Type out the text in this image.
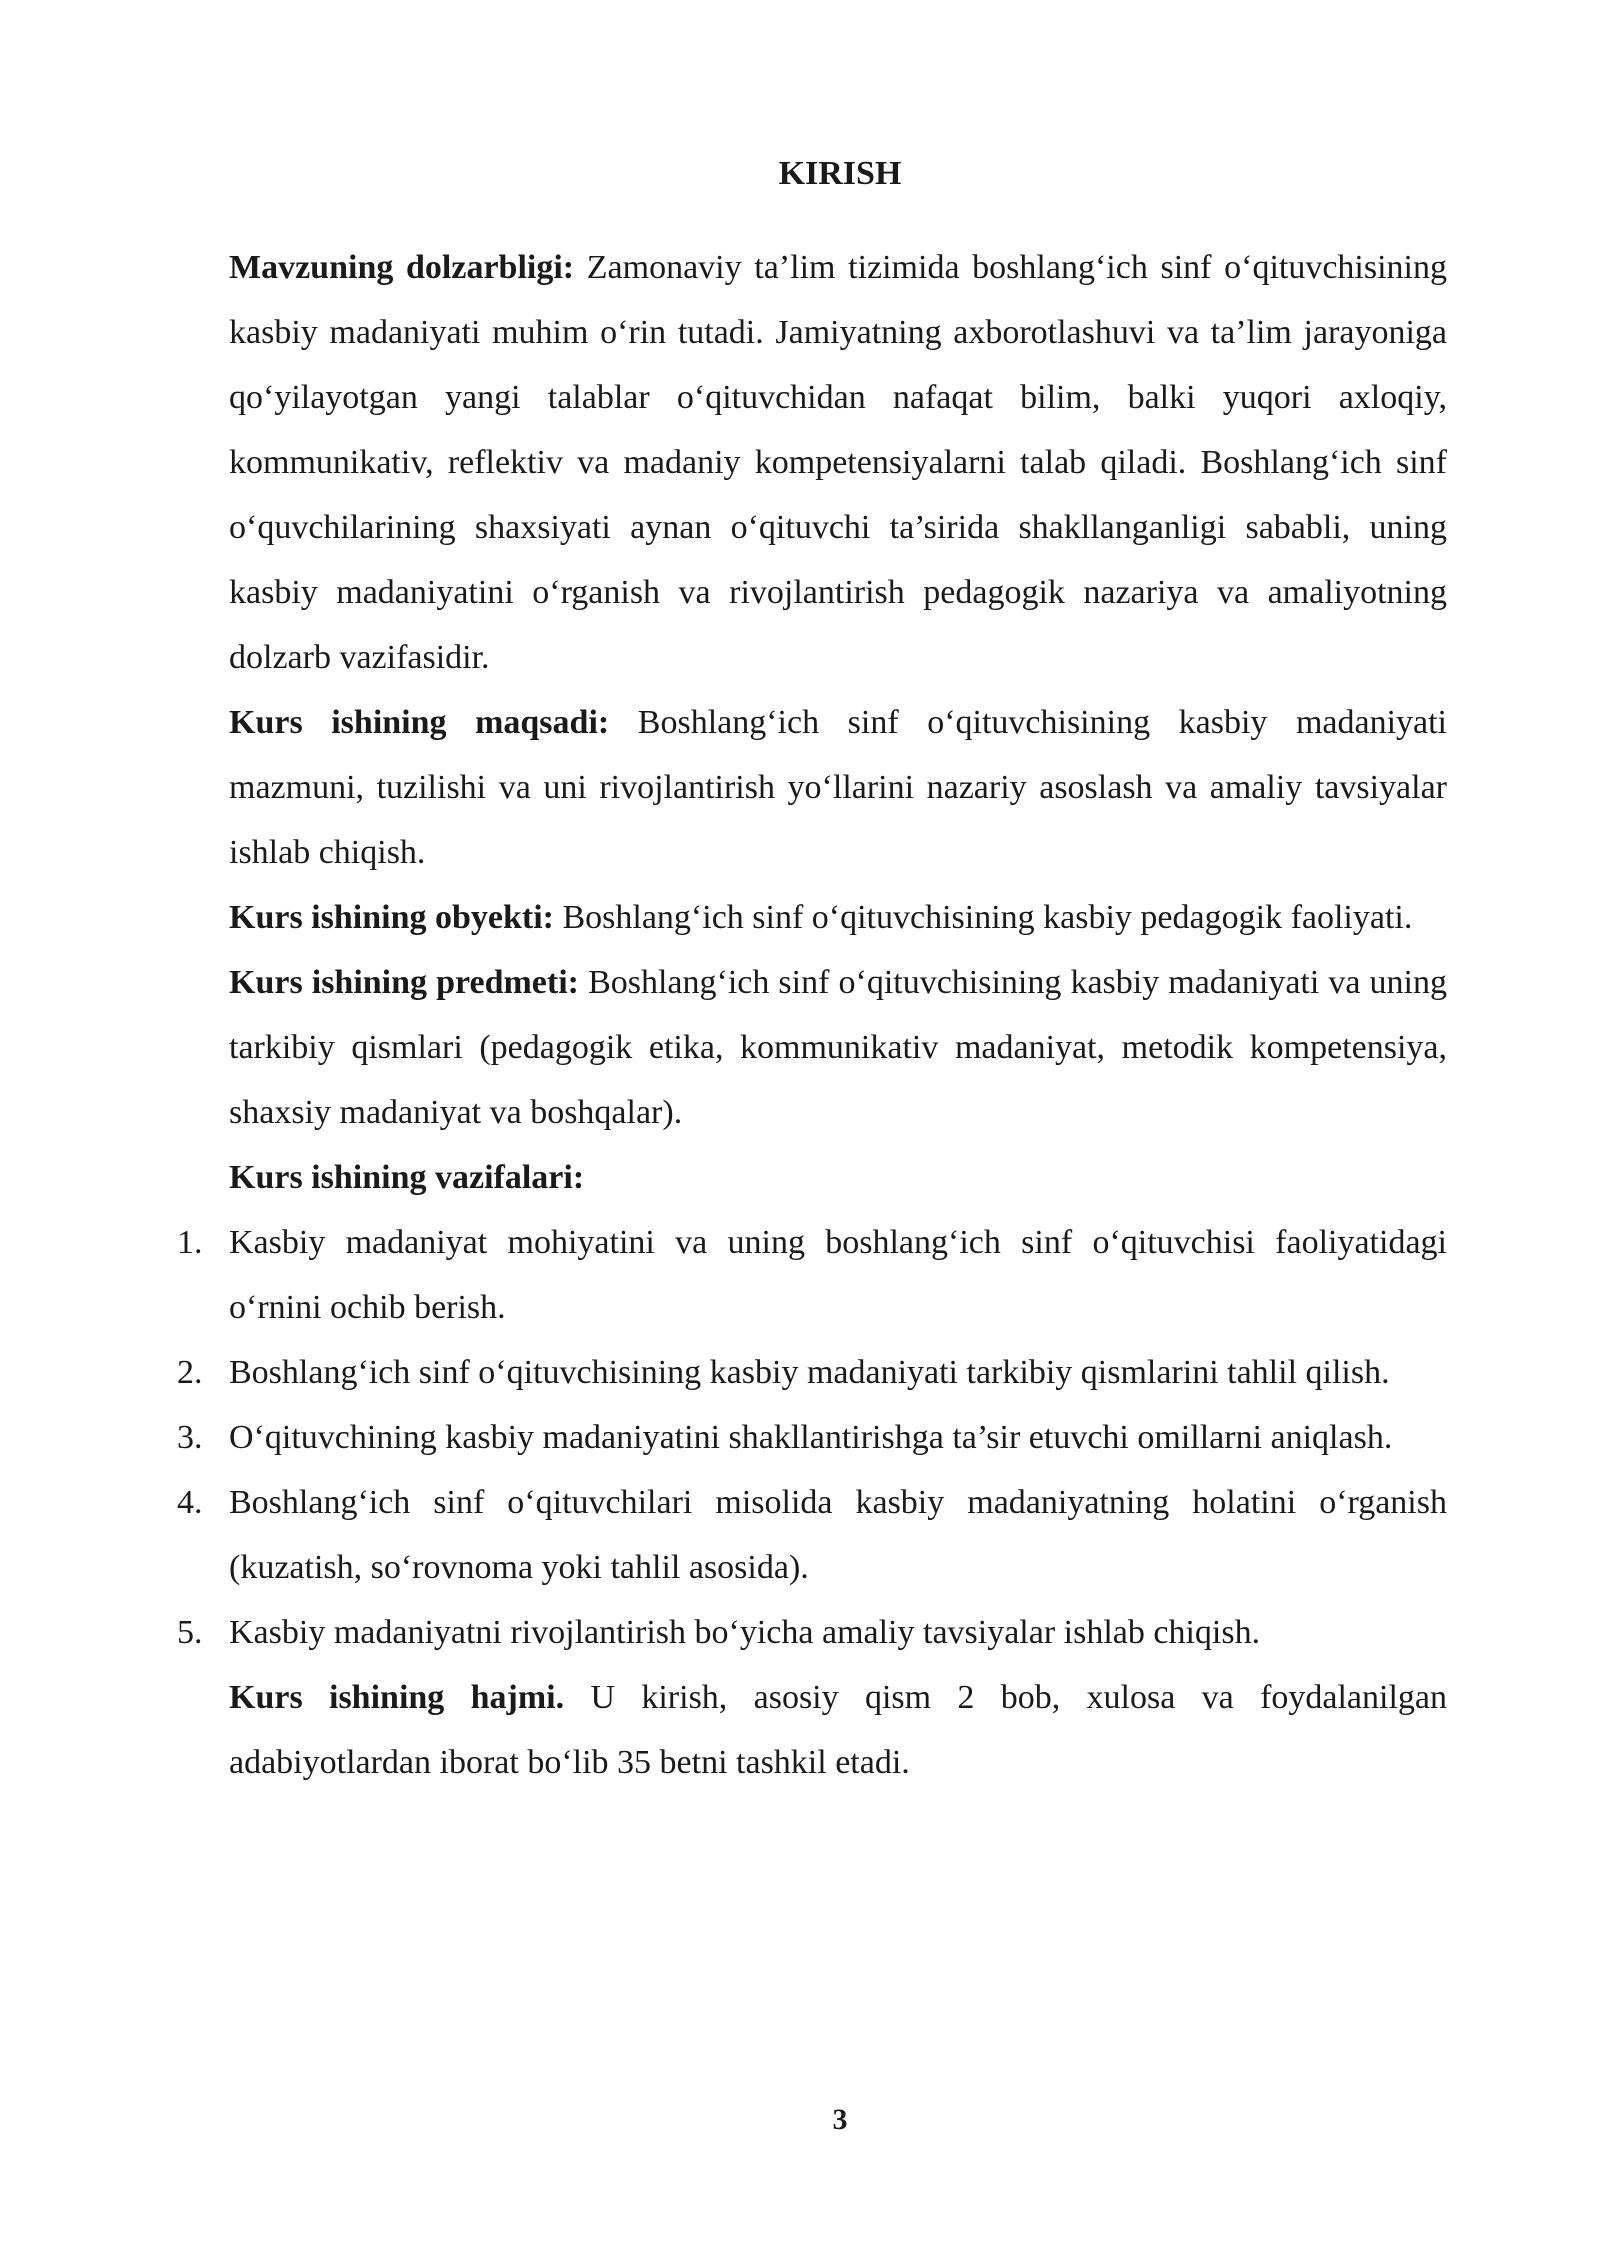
KIRISH

Mavzuning dolzarbligi: Zamonaviy ta’lim tizimida boshlang‘ich sinf o‘qituvchisining kasbiy madaniyati muhim o‘rin tutadi. Jamiyatning axborotlashuvi va ta’lim jarayoniga qo‘yilayotgan yangi talablar o‘qituvchidan nafaqat bilim, balki yuqori axloqiy, kommunikativ, reflektiv va madaniy kompetensiyalarni talab qiladi. Boshlang‘ich sinf o‘quvchilarining shaxsiyati aynan o‘qituvchi ta’sirida shakllanganligi sababli, uning kasbiy madaniyatini o‘rganish va rivojlantirish pedagogik nazariya va amaliyotning dolzarb vazifasidir.

Kurs ishining maqsadi: Boshlang‘ich sinf o‘qituvchisining kasbiy madaniyati mazmuni, tuzilishi va uni rivojlantirish yo‘llarini nazariy asoslash va amaliy tavsiyalar ishlab chiqish.

Kurs ishining obyekti: Boshlang‘ich sinf o‘qituvchisining kasbiy pedagogik faoliyati.

Kurs ishining predmeti: Boshlang‘ich sinf o‘qituvchisining kasbiy madaniyati va uning tarkibiy qismlari (pedagogik etika, kommunikativ madaniyat, metodik kompetensiya, shaxsiy madaniyat va boshqalar).

Kurs ishining vazifalari:

1. Kasbiy madaniyat mohiyatini va uning boshlang‘ich sinf o‘qituvchisi faoliyatidagi o‘rnini ochib berish.
2. Boshlang‘ich sinf o‘qituvchisining kasbiy madaniyati tarkibiy qismlarini tahlil qilish.
3. O‘qituvchining kasbiy madaniyatini shakllantirishga ta’sir etuvchi omillarni aniqlash.
4. Boshlang‘ich sinf o‘qituvchilari misolida kasbiy madaniyatning holatini o‘rganish (kuzatish, so‘rovnoma yoki tahlil asosida).
5. Kasbiy madaniyatni rivojlantirish bo‘yicha amaliy tavsiyalar ishlab chiqish.

Kurs ishining hajmi. U kirish, asosiy qism 2 bob, xulosa va foydalanilgan adabiyotlardan iborat bo‘lib 35 betni tashkil etadi.

3
